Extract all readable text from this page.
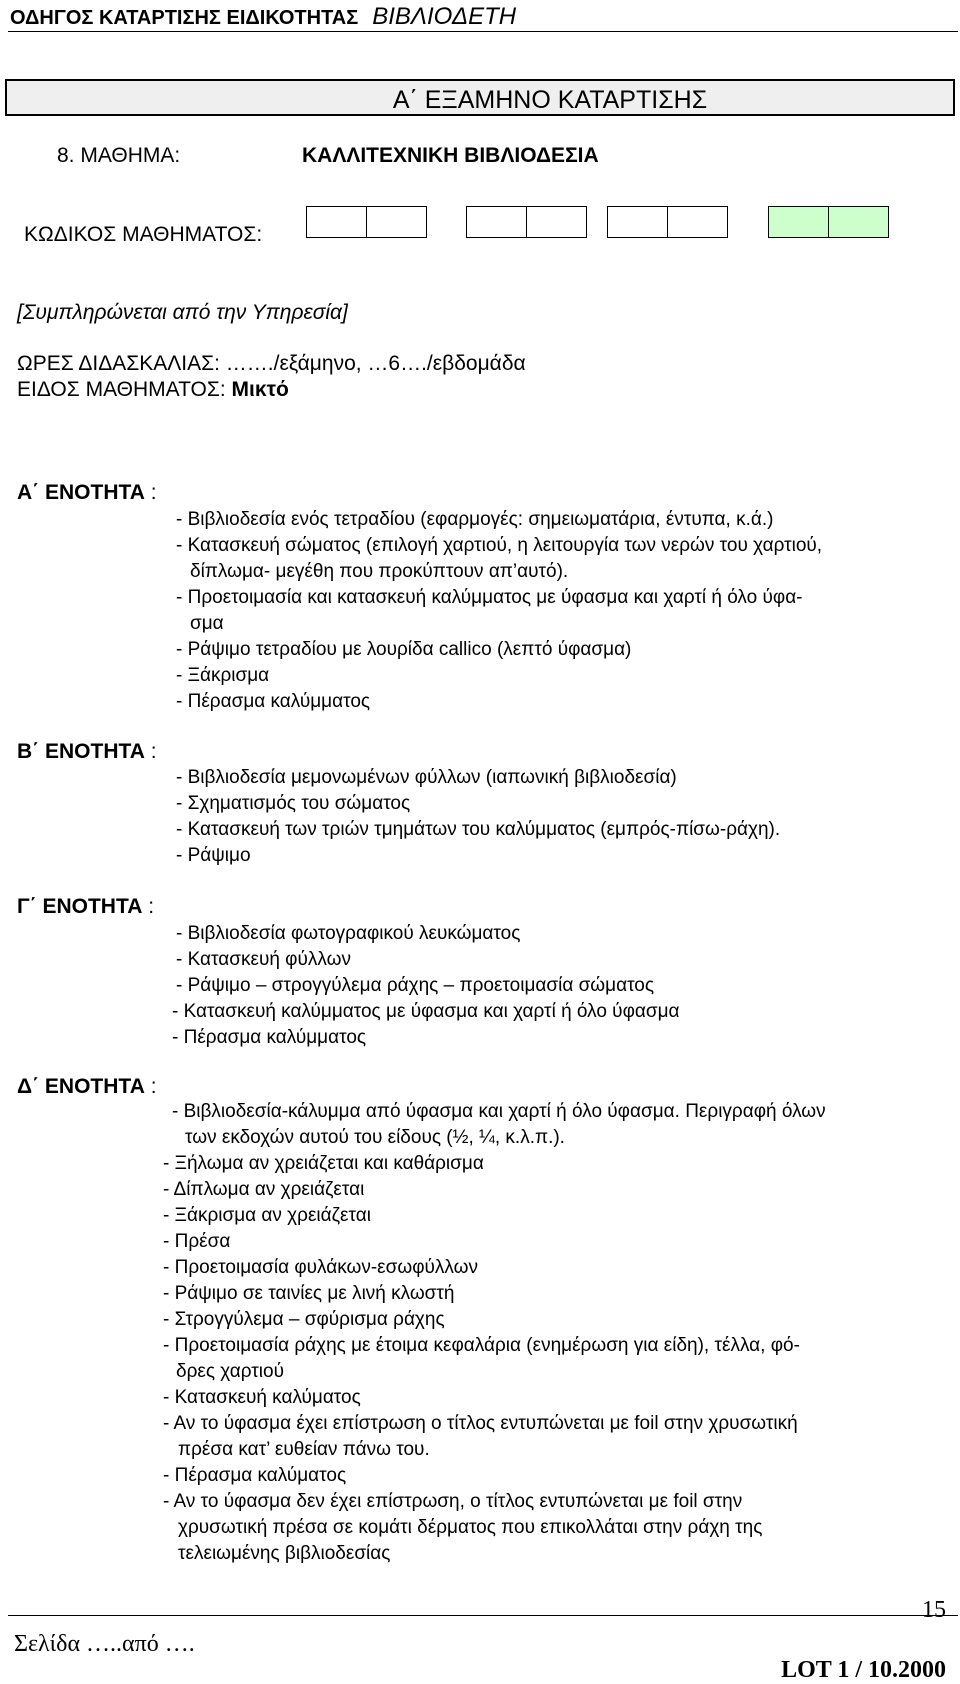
ΟΔΗΓΟΣ ΚΑΤΑΡΤΙΣΗΣ ΕΙΔΙΚΟΤΗΤΑΣ ΒΙΒΛΙΟΔΕΤΗ
Α΄ ΕΞΑΜΗΝΟ ΚΑΤΑΡΤΙΣΗΣ
8. ΜΑΘΗΜΑ:	ΚΑΛΛΙΤΕΧΝΙΚΗ ΒΙΒΛΙΟΔΕΣΙΑ
ΚΩΔΙΚΟΣ ΜΑΘΗΜΑΤΟΣ:
[Συμπληρώνεται από την Υπηρεσία]
ΩΡΕΣ ΔΙΔΑΣΚΑΛΙΑΣ: ……./εξάμηνο, …6…./εβδομάδα
ΕΙΔΟΣ ΜΑΘΗΜΑΤΟΣ: Μικτό
Α΄ ΕΝΟΤΗΤΑ :
- Βιβλιοδεσία ενός τετραδίου (εφαρμογές: σημειωματάρια, έντυπα, κ.ά.)
- Κατασκευή σώματος (επιλογή χαρτιού, η λειτουργία των νερών του χαρτιού,
δίπλωμα- μεγέθη που προκύπτουν απ’αυτό).
- Προετοιμασία και κατασκευή καλύμματος με ύφασμα και χαρτί ή όλο ύφα-
σμα
- Ράψιμο τετραδίου με λουρίδα callico (λεπτό ύφασμα)
- Ξάκρισμα
- Πέρασμα καλύμματος
Β΄ ΕΝΟΤΗΤΑ :
- Βιβλιοδεσία μεμονωμένων φύλλων (ιαπωνική βιβλιοδεσία)
- Σχηματισμός του σώματος
- Κατασκευή των τριών τμημάτων του καλύμματος (εμπρός-πίσω-ράχη).
- Ράψιμο
Γ΄ ΕΝΟΤΗΤΑ :
- Βιβλιοδεσία φωτογραφικού λευκώματος
- Κατασκευή φύλλων
- Ράψιμο – στρογγύλεμα ράχης – προετοιμασία σώματος
- Κατασκευή καλύμματος με ύφασμα και χαρτί ή όλο ύφασμα
- Πέρασμα καλύμματος
Δ΄ ΕΝΟΤΗΤΑ :
- Βιβλιοδεσία-κάλυμμα από ύφασμα και χαρτί ή όλο ύφασμα. Περιγραφή όλων
των εκδοχών αυτού του είδους (½, ¼, κ.λ.π.).
- Ξήλωμα αν χρειάζεται και καθάρισμα
- Δίπλωμα αν χρειάζεται
- Ξάκρισμα αν χρειάζεται
- Πρέσα
- Προετοιμασία φυλάκων-εσωφύλλων
- Ράψιμο σε ταινίες με λινή κλωστή
- Στρογγύλεμα – σφύρισμα ράχης
- Προετοιμασία ράχης με έτοιμα κεφαλάρια (ενημέρωση για είδη), τέλλα, φό-
δρες χαρτιού
- Κατασκευή καλύματος
- Αν το ύφασμα έχει επίστρωση ο τίτλος εντυπώνεται με foil στην χρυσωτική
πρέσα κατ’ ευθείαν πάνω του.
- Πέρασμα καλύματος
- Αν το ύφασμα δεν έχει επίστρωση, ο τίτλος εντυπώνεται με foil στην
χρυσωτική πρέσα σε κομάτι δέρματος που επικολλάται στην ράχη της
τελειωμένης βιβλιοδεσίας
15
Σελίδα …..από ….
LOT 1 / 10.2000
